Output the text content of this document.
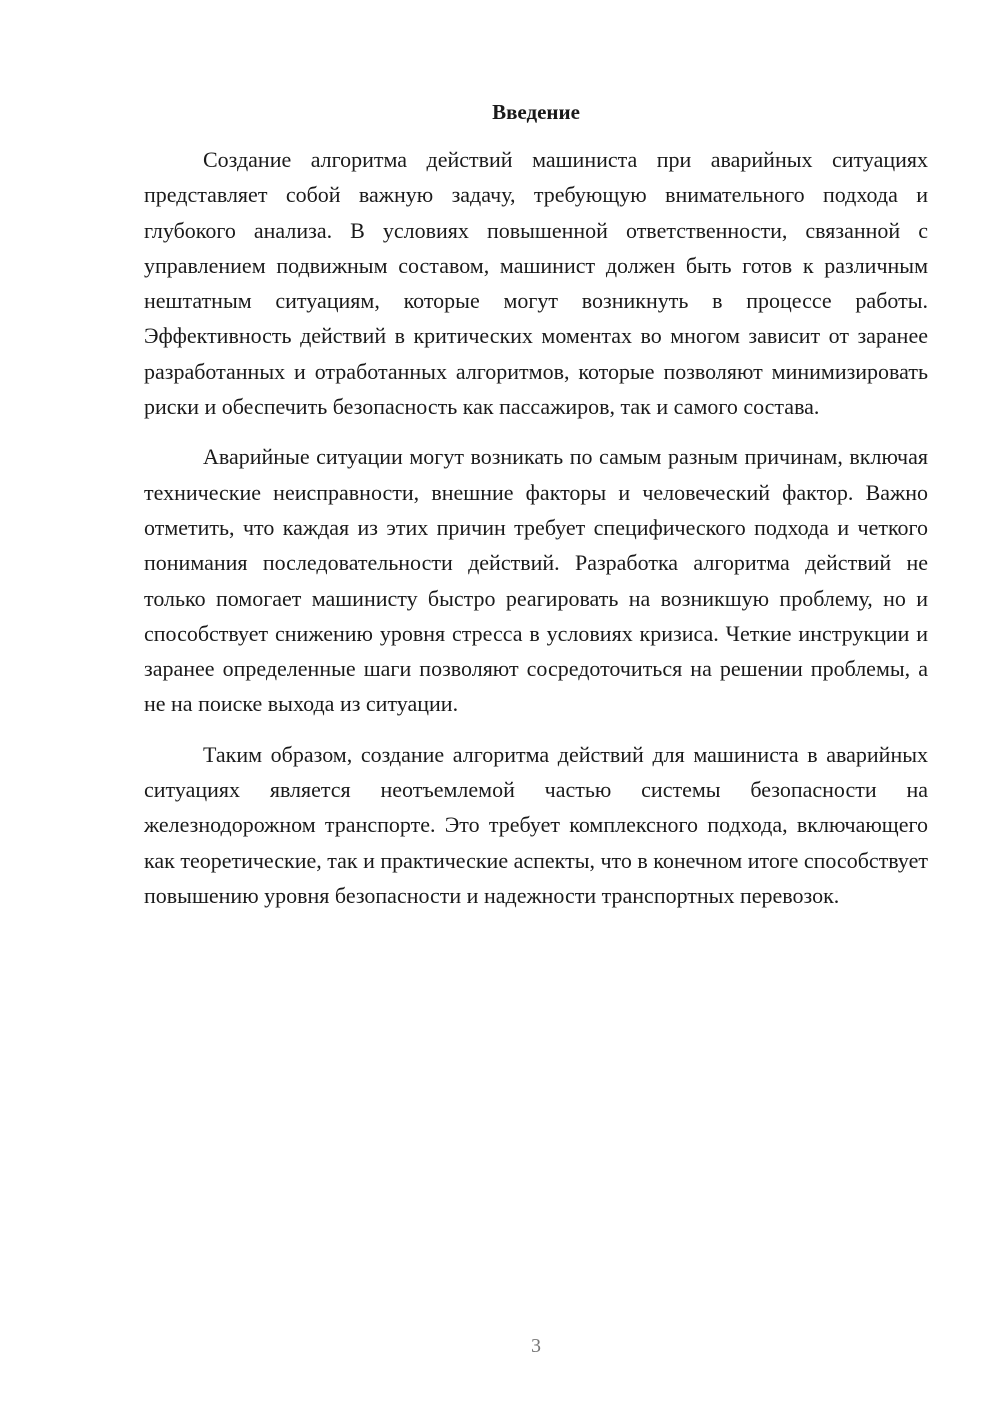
Введение

Создание алгоритма действий машиниста при аварийных ситуациях представляет собой важную задачу, требующую внимательного подхода и глубокого анализа. В условиях повышенной ответственности, связанной с управлением подвижным составом, машинист должен быть готов к различным нештатным ситуациям, которые могут возникнуть в процессе работы. Эффективность действий в критических моментах во многом зависит от заранее разработанных и отработанных алгоритмов, которые позволяют минимизировать риски и обеспечить безопасность как пассажиров, так и самого состава.

Аварийные ситуации могут возникать по самым разным причинам, включая технические неисправности, внешние факторы и человеческий фактор. Важно отметить, что каждая из этих причин требует специфического подхода и четкого понимания последовательности действий. Разработка алгоритма действий не только помогает машинисту быстро реагировать на возникшую проблему, но и способствует снижению уровня стресса в условиях кризиса. Четкие инструкции и заранее определенные шаги позволяют сосредоточиться на решении проблемы, а не на поиске выхода из ситуации.

Таким образом, создание алгоритма действий для машиниста в аварийных ситуациях является неотъемлемой частью системы безопасности на железнодорожном транспорте. Это требует комплексного подхода, включающего как теоретические, так и практические аспекты, что в конечном итоге способствует повышению уровня безопасности и надежности транспортных перевозок.

3
